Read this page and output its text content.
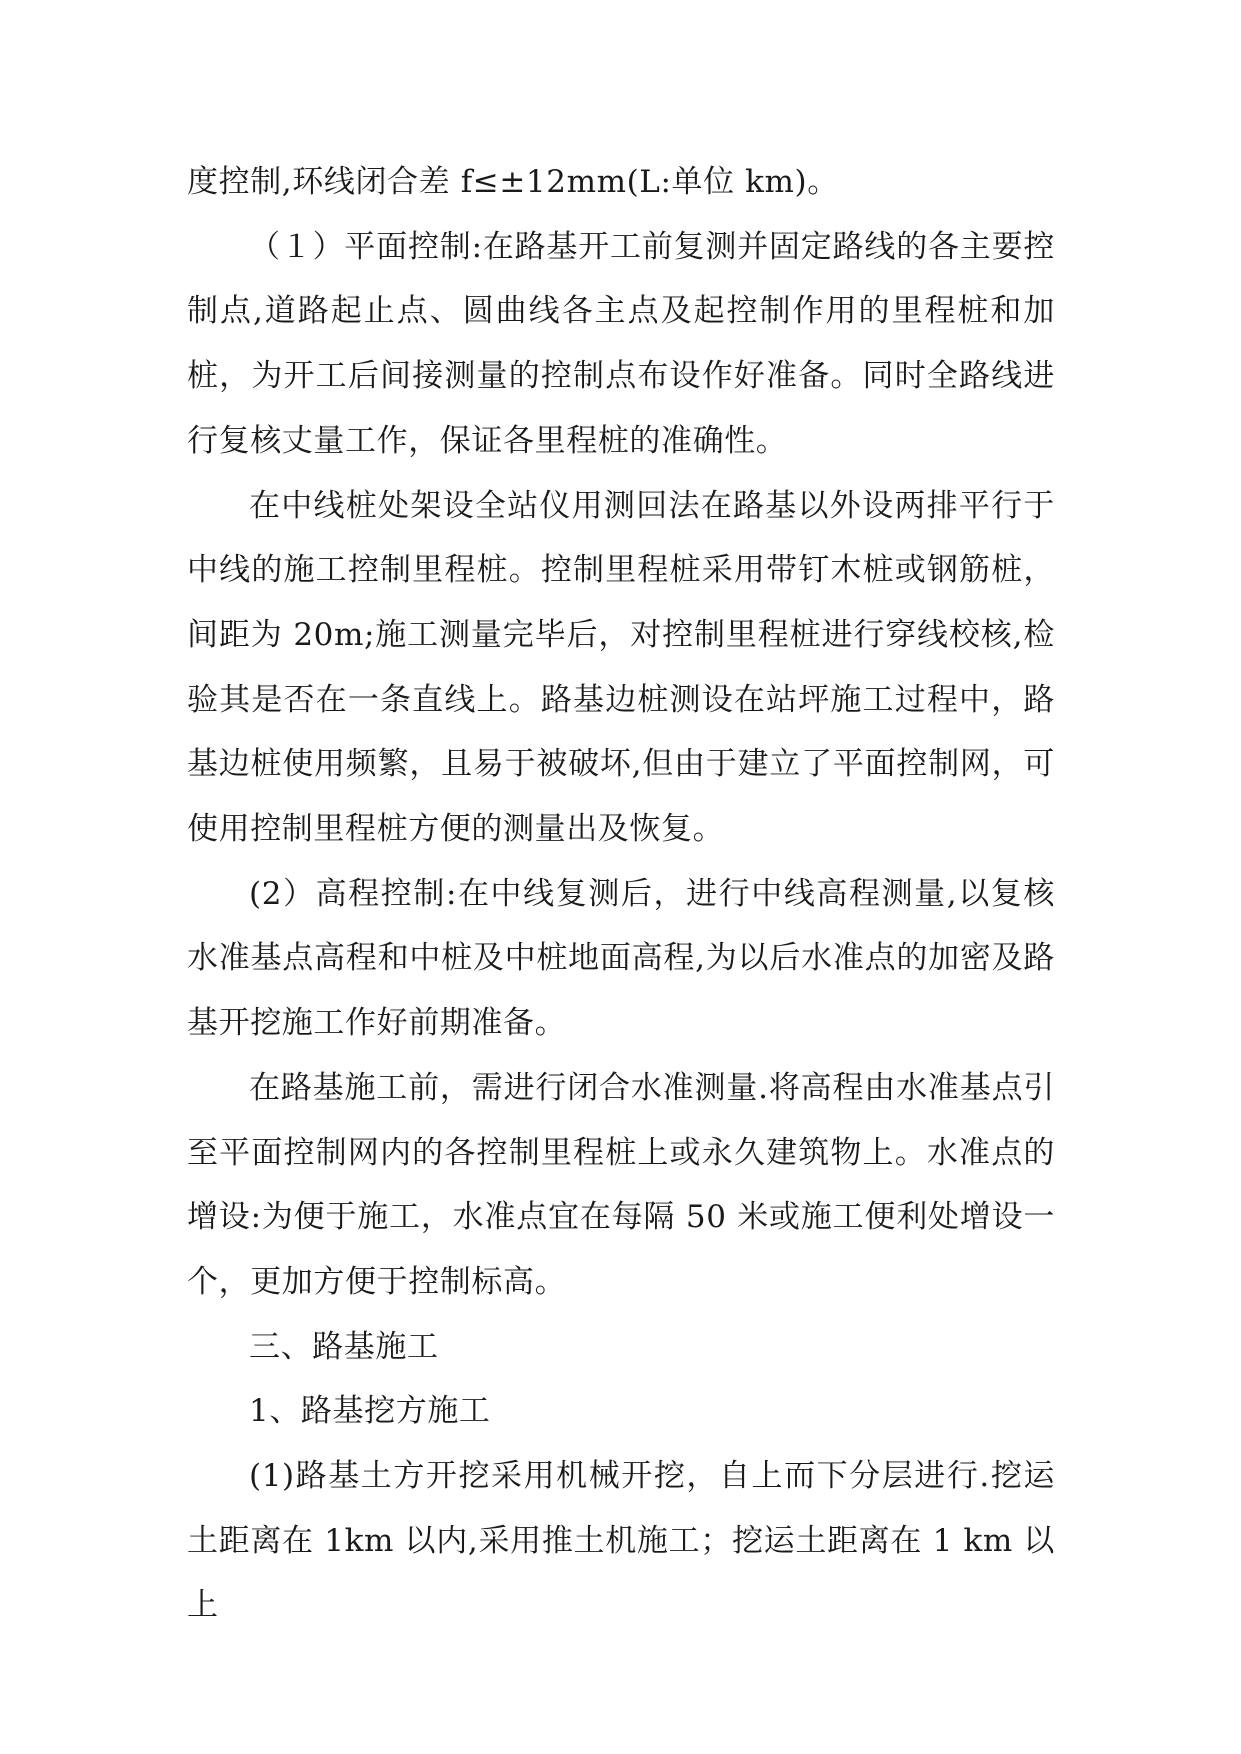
度控制,环线闭合差 f≤±12mm(L:单位 km)。

（１）平面控制:在路基开工前复测并固定路线的各主要控制点,道路起止点、圆曲线各主点及起控制作用的里程桩和加桩，为开工后间接测量的控制点布设作好准备。同时全路线进行复核丈量工作，保证各里程桩的准确性。

在中线桩处架设全站仪用测回法在路基以外设两排平行于中线的施工控制里程桩。控制里程桩采用带钉木桩或钢筋桩，间距为 20m;施工测量完毕后，对控制里程桩进行穿线校核,检验其是否在一条直线上。路基边桩测设在站坪施工过程中，路基边桩使用频繁，且易于被破坏,但由于建立了平面控制网，可使用控制里程桩方便的测量出及恢复。

(2）高程控制:在中线复测后，进行中线高程测量,以复核水准基点高程和中桩及中桩地面高程,为以后水准点的加密及路基开挖施工作好前期准备。

在路基施工前，需进行闭合水准测量.将高程由水准基点引至平面控制网内的各控制里程桩上或永久建筑物上。水准点的增设:为便于施工，水准点宜在每隔 50 米或施工便利处增设一个，更加方便于控制标高。

三、路基施工

1、路基挖方施工

(1)路基土方开挖采用机械开挖，自上而下分层进行.挖运土距离在 1km 以内,采用推土机施工；挖运土距离在 1 km 以上
